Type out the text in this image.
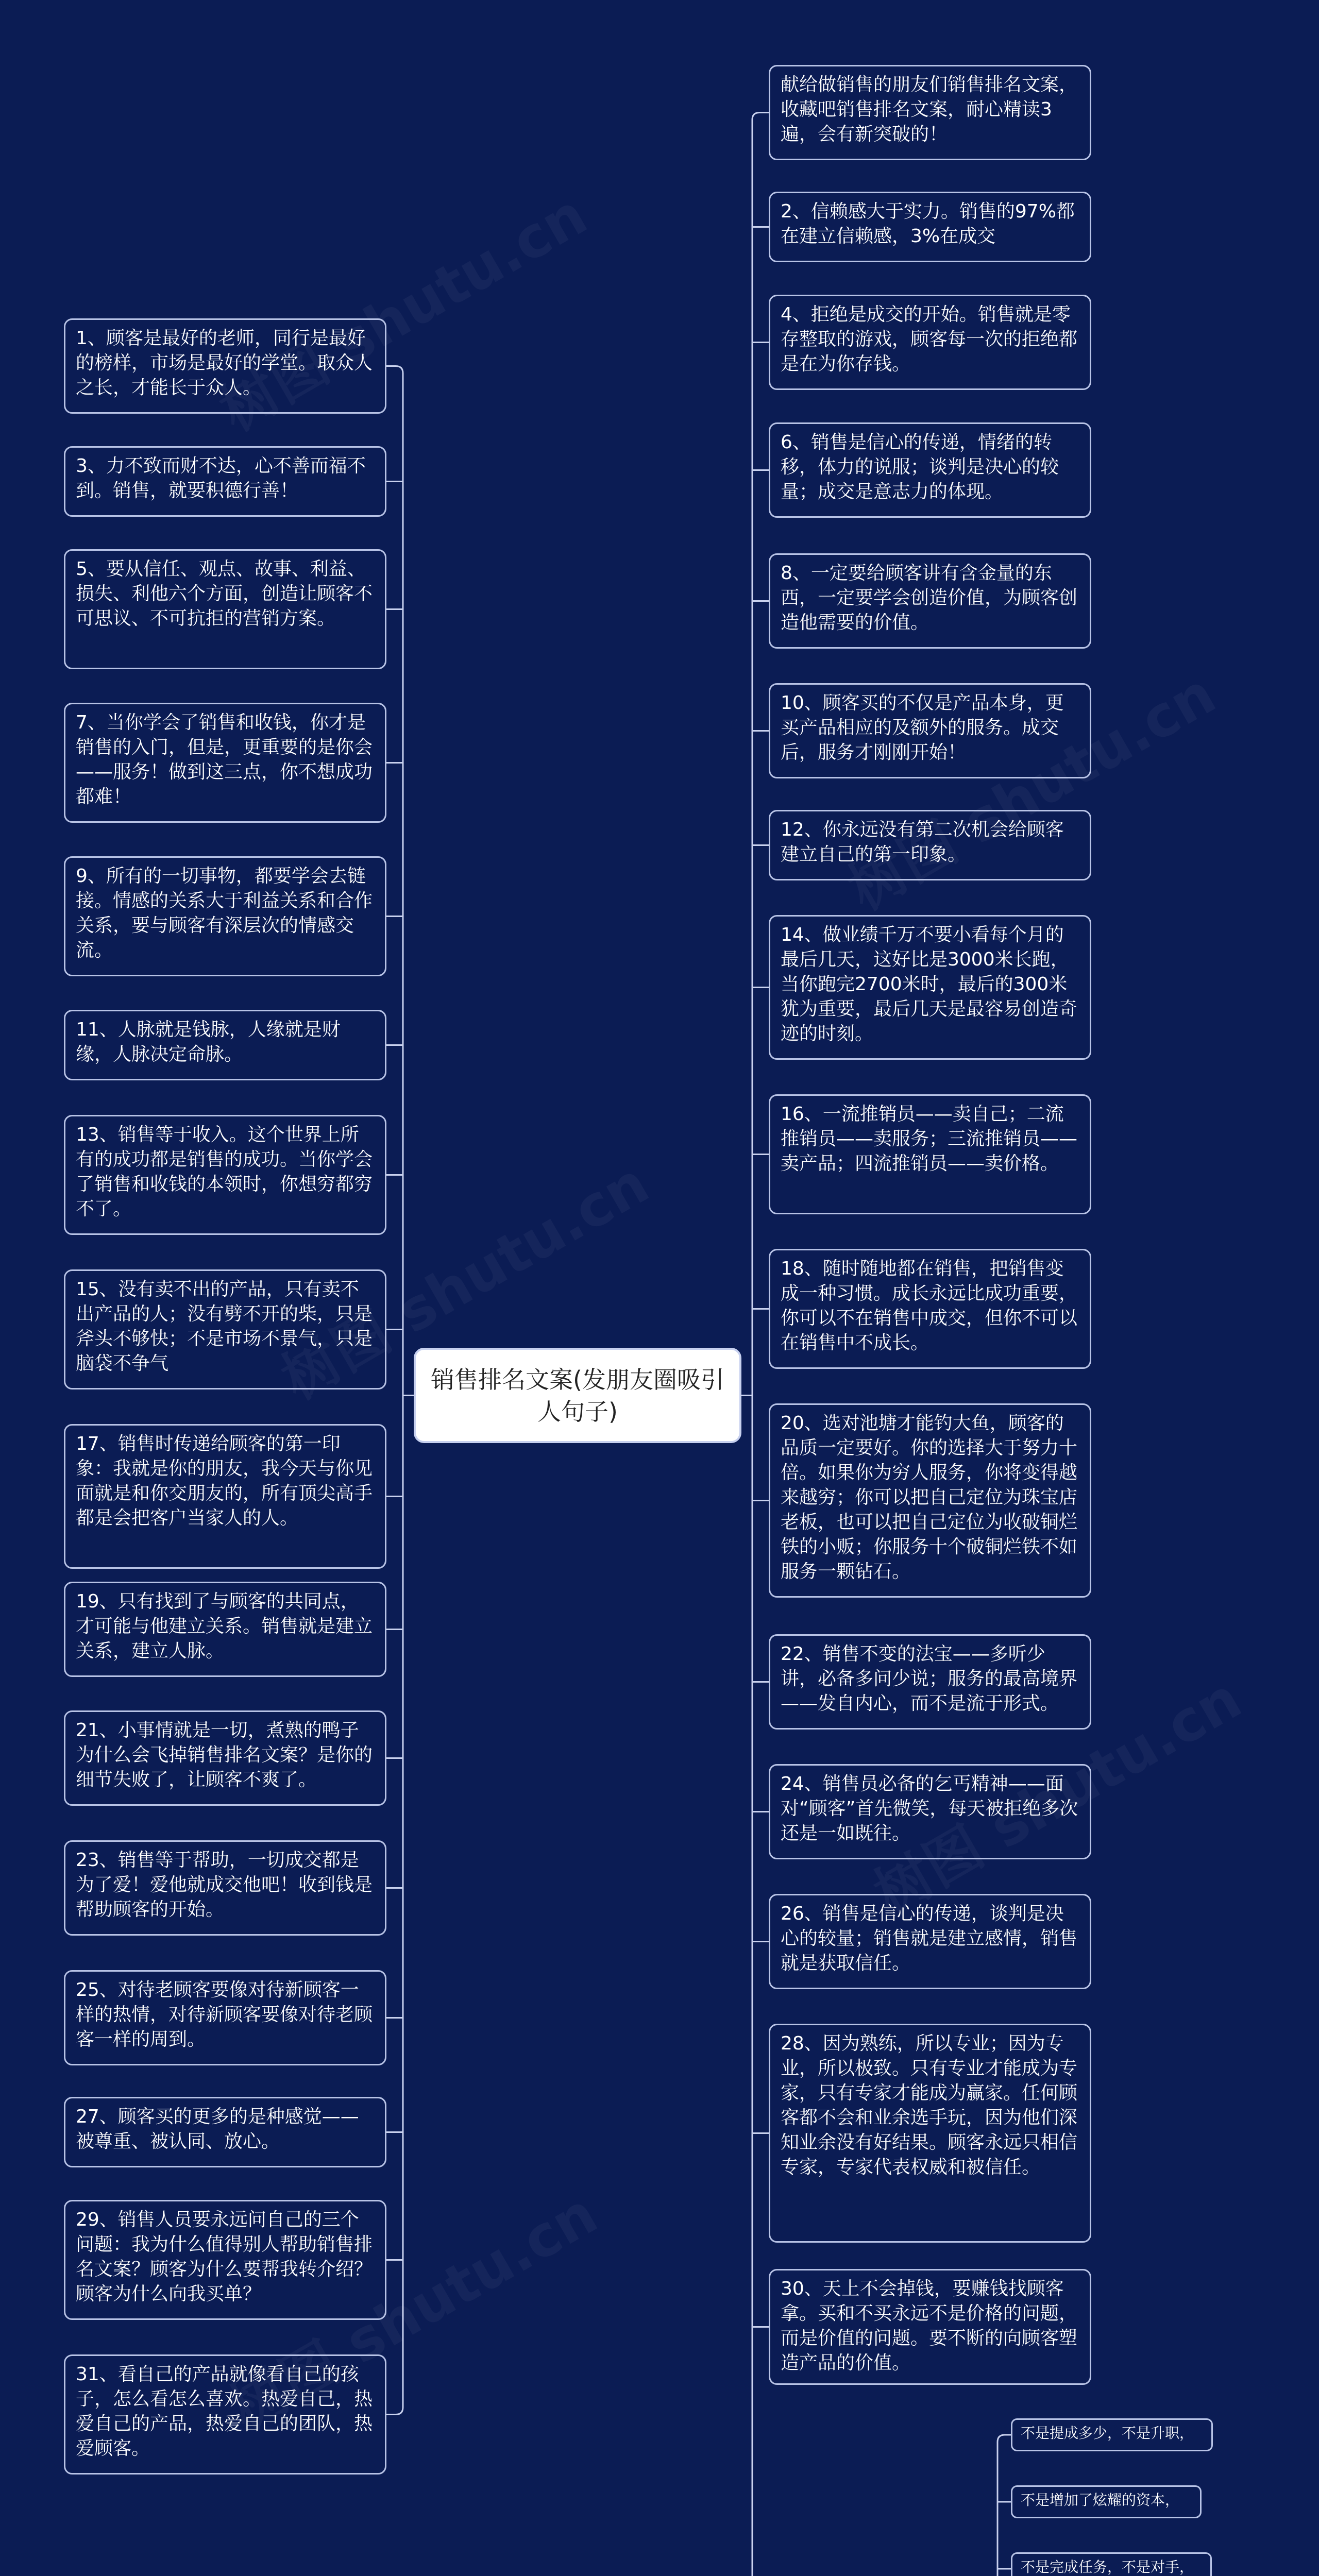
销售排名文案(发朋友圈吸引人句子)
1、顾客是最好的老师，同行是最好的榜样，市场是最好的学堂。取众人之长，才能长于众人。
3、力不致而财不达，心不善而福不到。销售，就要积德行善！
5、要从信任、观点、故事、利益、损失、利他六个方面，创造让顾客不可思议、不可抗拒的营销方案。
7、当你学会了销售和收钱，你才是销售的入门，但是，更重要的是你会——服务！做到这三点，你不想成功都难！
9、所有的一切事物，都要学会去链接。情感的关系大于利益关系和合作关系，要与顾客有深层次的情感交流。
11、人脉就是钱脉，人缘就是财缘，人脉决定命脉。
13、销售等于收入。这个世界上所有的成功都是销售的成功。当你学会了销售和收钱的本领时，你想穷都穷不了。
15、没有卖不出的产品，只有卖不出产品的人；没有劈不开的柴，只是斧头不够快；不是市场不景气，只是脑袋不争气
17、销售时传递给顾客的第一印象：我就是你的朋友，我今天与你见面就是和你交朋友的，所有顶尖高手都是会把客户当家人的人。
19、只有找到了与顾客的共同点，才可能与他建立关系。销售就是建立关系，建立人脉。
21、小事情就是一切，煮熟的鸭子为什么会飞掉销售排名文案？是你的细节失败了，让顾客不爽了。
23、销售等于帮助，一切成交都是为了爱！爱他就成交他吧！收到钱是帮助顾客的开始。
25、对待老顾客要像对待新顾客一样的热情，对待新顾客要像对待老顾客一样的周到。
27、顾客买的更多的是种感觉——被尊重、被认同、放心。
29、销售人员要永远问自己的三个问题：我为什么值得别人帮助销售排名文案？顾客为什么要帮我转介绍？顾客为什么向我买单？
31、看自己的产品就像看自己的孩子，怎么看怎么喜欢。热爱自己，热爱自己的产品，热爱自己的团队，热爱顾客。
献给做销售的朋友们销售排名文案，收藏吧销售排名文案，耐心精读3遍，会有新突破的！
2、信赖感大于实力。销售的97%都在建立信赖感，3%在成交
4、拒绝是成交的开始。销售就是零存整取的游戏，顾客每一次的拒绝都是在为你存钱。
6、销售是信心的传递，情绪的转移，体力的说服；谈判是决心的较量；成交是意志力的体现。
8、一定要给顾客讲有含金量的东西，一定要学会创造价值，为顾客创造他需要的价值。
10、顾客买的不仅是产品本身，更买产品相应的及额外的服务。成交后，服务才刚刚开始！
12、你永远没有第二次机会给顾客建立自己的第一印象。
14、做业绩千万不要小看每个月的最后几天，这好比是3000米长跑，当你跑完2700米时，最后的300米犹为重要，最后几天是最容易创造奇迹的时刻。
16、一流推销员——卖自己；二流推销员——卖服务；三流推销员——卖产品；四流推销员——卖价格。
18、随时随地都在销售，把销售变成一种习惯。成长永远比成功重要，你可以不在销售中成交，但你不可以在销售中不成长。
20、选对池塘才能钓大鱼，顾客的品质一定要好。你的选择大于努力十倍。如果你为穷人服务，你将变得越来越穷；你可以把自己定位为珠宝店老板，也可以把自己定位为收破铜烂铁的小贩；你服务十个破铜烂铁不如服务一颗钻石。
22、销售不变的法宝——多听少讲，必备多问少说；服务的最高境界——发自内心，而不是流于形式。
24、销售员必备的乞丐精神——面对“顾客”首先微笑，每天被拒绝多次还是一如既往。
26、销售是信心的传递，谈判是决心的较量；销售就是建立感情，销售就是获取信任。
28、因为熟练，所以专业；因为专业，所以极致。只有专业才能成为专家，只有专家才能成为赢家。任何顾客都不会和业余选手玩，因为他们深知业余没有好结果。顾客永远只相信专家，专家代表权威和被信任。
30、天上不会掉钱，要赚钱找顾客拿。买和不买永远不是价格的问题，而是价值的问题。要不断的向顾客塑造产品的价值。
不是提成多少，不是升职，
不是增加了炫耀的资本，
不是完成任务，不是对手，
